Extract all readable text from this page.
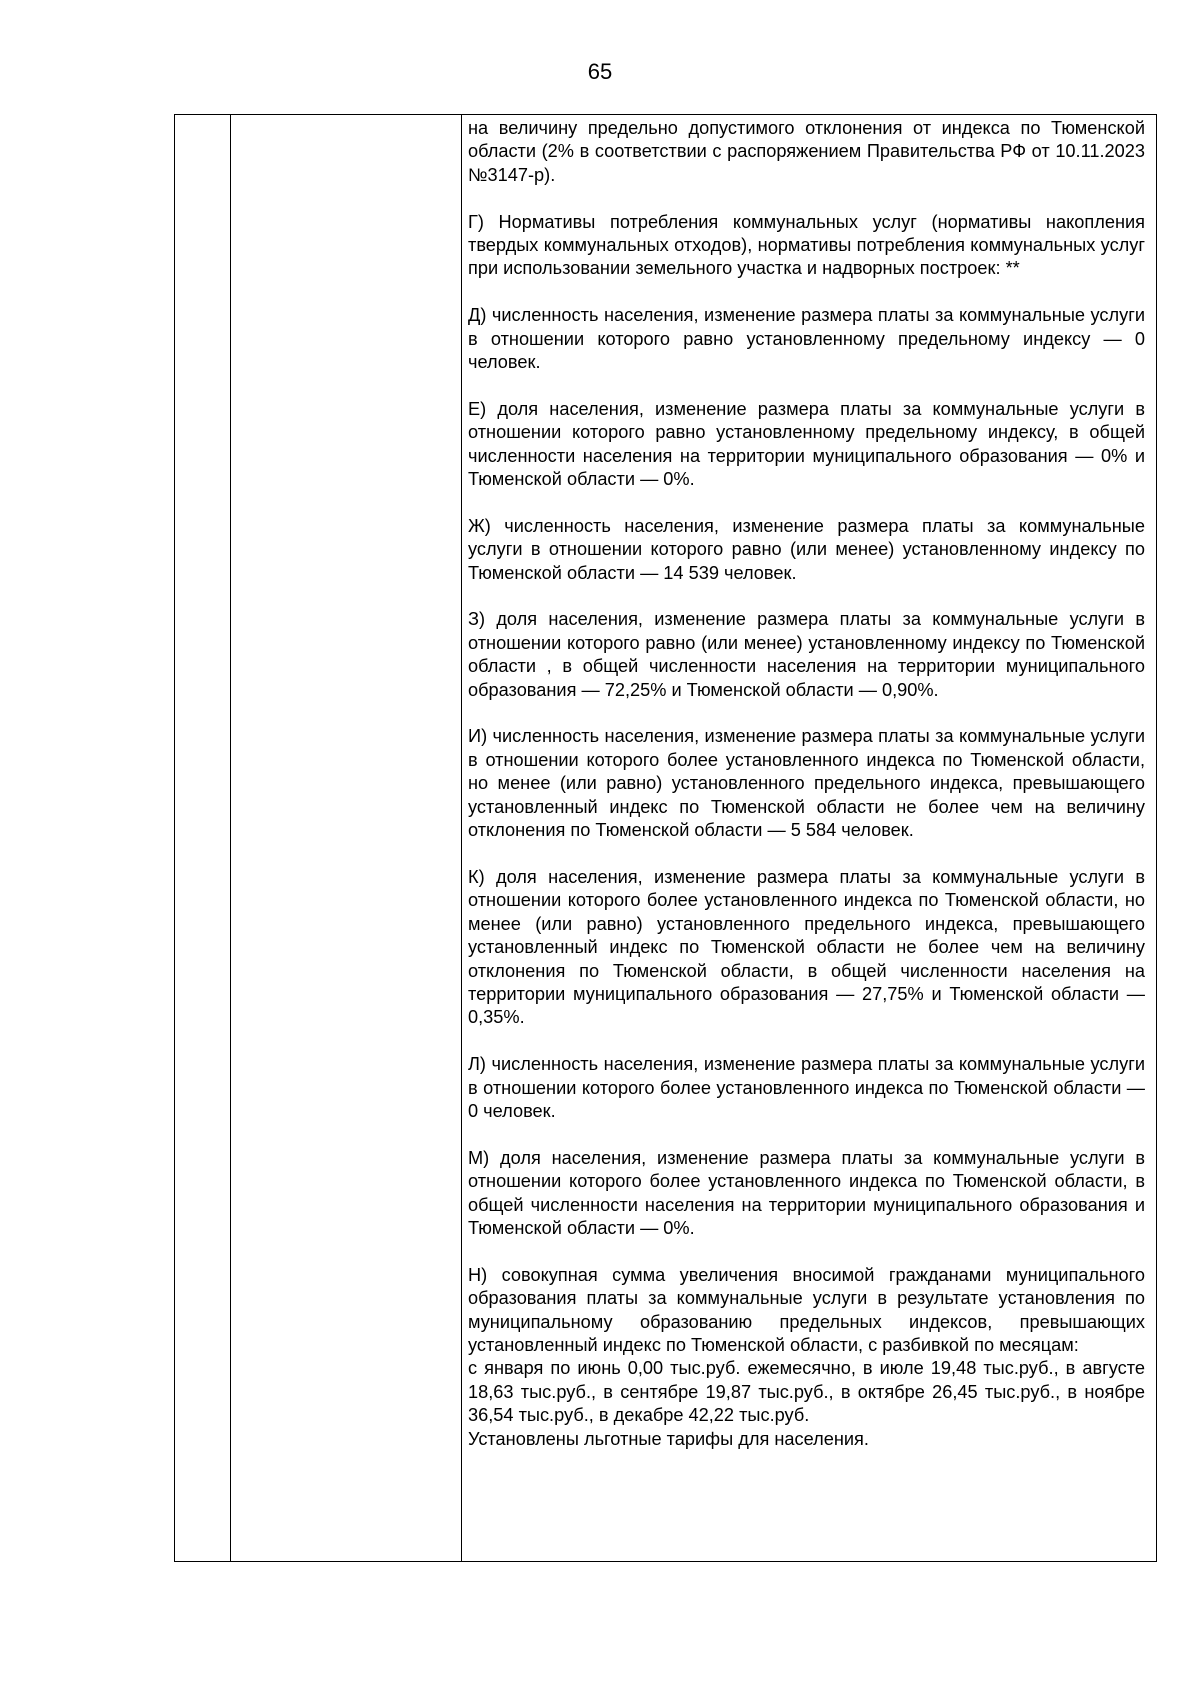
65

на величину предельно допустимого отклонения от индекса по Тюменской области (2% в соответствии с распоряжением Правительства РФ от 10.11.2023 №3147-р).

Г) Нормативы потребления коммунальных услуг (нормативы накопления твердых коммунальных отходов), нормативы потребления коммунальных услуг при использовании земельного участка и надворных построек: **

Д) численность населения, изменение размера платы за коммунальные услуги в отношении которого равно установленному предельному индексу — 0 человек.

Е) доля населения, изменение размера платы за коммунальные услуги в отношении которого равно установленному предельному индексу, в общей численности населения на территории муниципального образования — 0% и Тюменской области — 0%.

Ж) численность населения, изменение размера платы за коммунальные услуги в отношении которого равно (или менее) установленному индексу по Тюменской области — 14 539 человек.

З) доля населения, изменение размера платы за коммунальные услуги в отношении которого равно (или менее) установленному индексу по Тюменской области , в общей численности населения на территории муниципального образования — 72,25% и Тюменской области — 0,90%.

И) численность населения, изменение размера платы за коммунальные услуги в отношении которого более установленного индекса по Тюменской области, но менее (или равно) установленного предельного индекса, превышающего установленный индекс по Тюменской области не более чем на величину отклонения по Тюменской области — 5 584 человек.

К) доля населения, изменение размера платы за коммунальные услуги в отношении которого более установленного индекса по Тюменской области, но менее (или равно) установленного предельного индекса, превышающего установленный индекс по Тюменской области не более чем на величину отклонения по Тюменской области, в общей численности населения на территории муниципального образования — 27,75% и Тюменской области — 0,35%.

Л) численность населения, изменение размера платы за коммунальные услуги в отношении которого более установленного индекса по Тюменской области — 0 человек.

М) доля населения, изменение размера платы за коммунальные услуги в отношении которого более установленного индекса по Тюменской области, в общей численности населения на территории муниципального образования и Тюменской области — 0%.

Н) совокупная сумма увеличения вносимой гражданами муниципального образования платы за коммунальные услуги в результате установления по муниципальному образованию предельных индексов, превышающих установленный индекс по Тюменской области, с разбивкой по месяцам:

с января по июнь 0,00 тыс.руб. ежемесячно, в июле 19,48 тыс.руб., в августе 18,63 тыс.руб., в сентябре 19,87 тыс.руб., в октябре 26,45 тыс.руб., в ноябре 36,54 тыс.руб., в декабре 42,22 тыс.руб.

Установлены льготные тарифы для населения.
